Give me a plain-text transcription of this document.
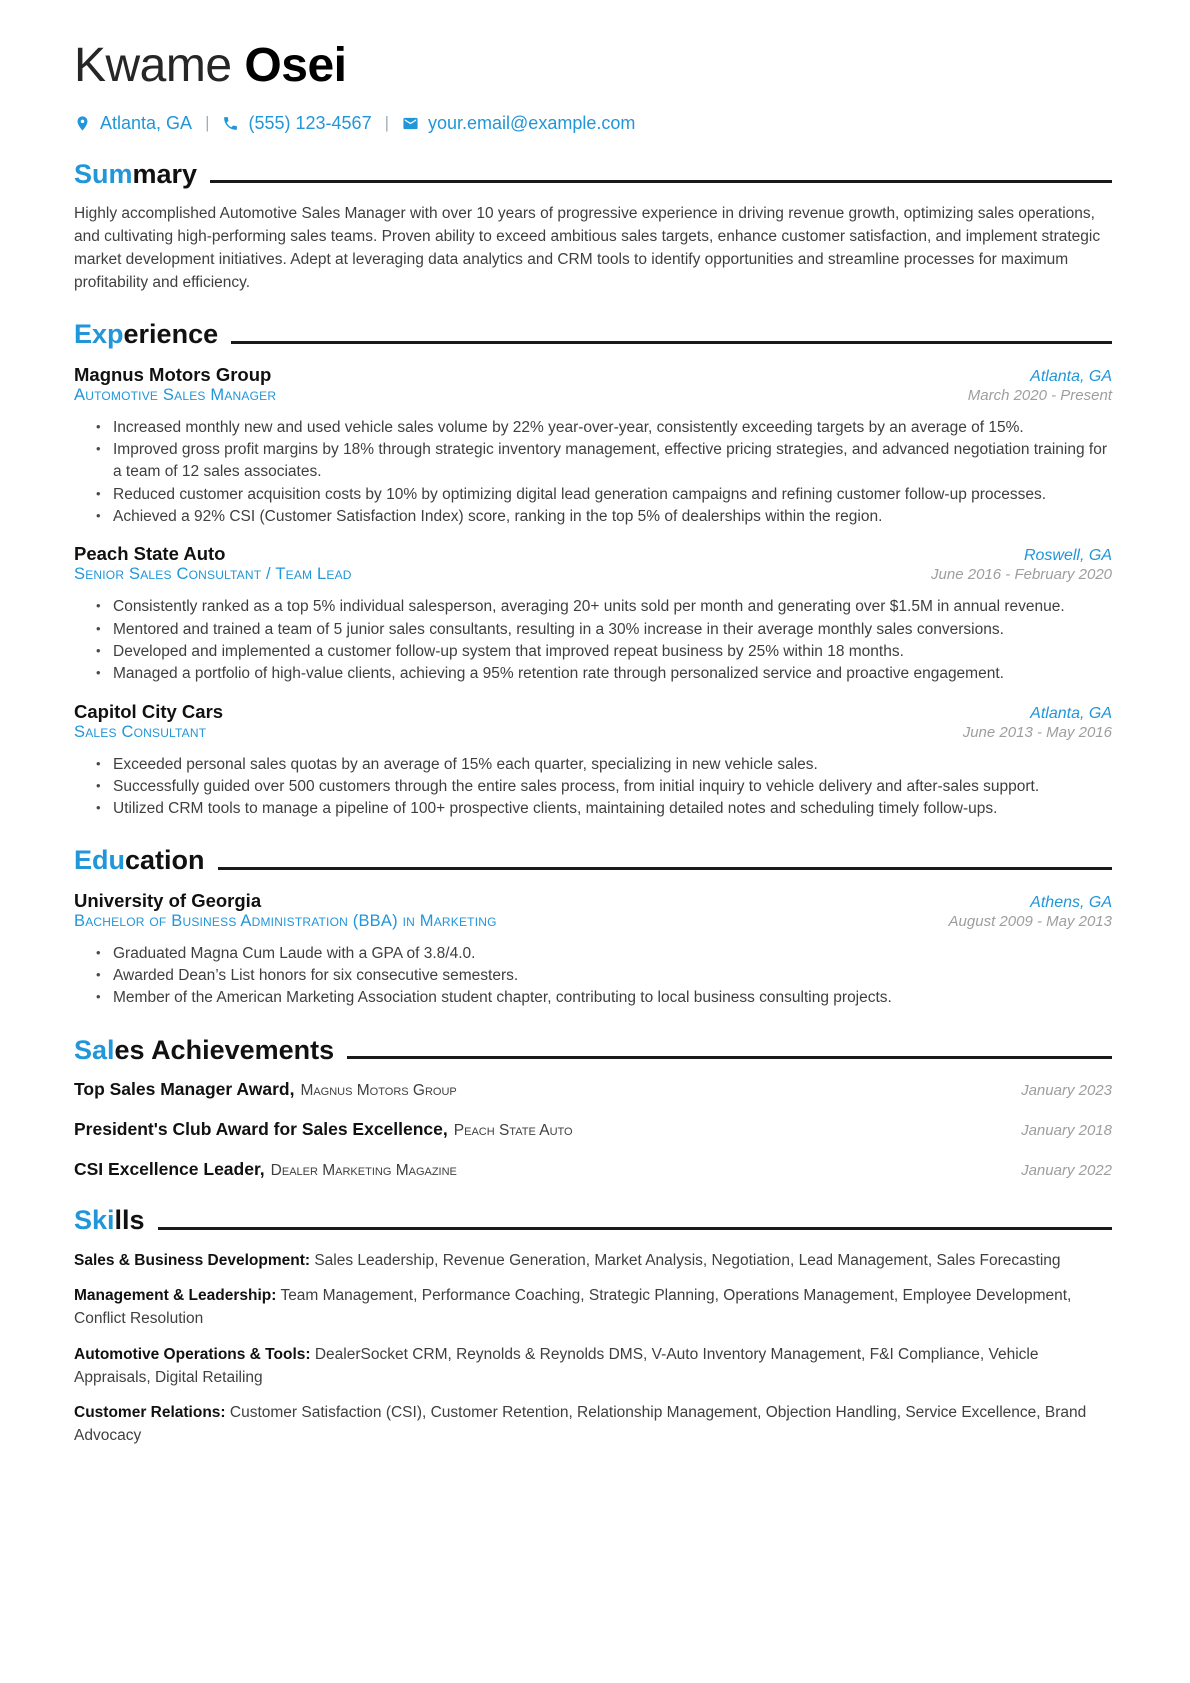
Kwame Osei
Atlanta, GA | (555) 123-4567 | your.email@example.com
Sum mary

Highly accomplished Automotive Sales Manager with over 10 years of progressive experience in driving revenue growth, optimizing sales operations, and cultivating high-performing sales teams. Proven ability to exceed ambitious sales targets, enhance customer satisfaction, and implement strategic market development initiatives. Adept at leveraging data analytics and CRM tools to identify opportunities and streamline processes for maximum profitability and efficiency.

Exp erience
Magnus Motors Group	Atlanta, GA
Automotive Sales Manager	March 2020 - Present
• Increased monthly new and used vehicle sales volume by 22% year-over-year, consistently exceeding targets by an average of 15%.
• Improved gross profit margins by 18% through strategic inventory management, effective pricing strategies, and advanced negotiation training for a team of 12 sales associates.
• Reduced customer acquisition costs by 10% by optimizing digital lead generation campaigns and refining customer follow-up processes.
• Achieved a 92% CSI (Customer Satisfaction Index) score, ranking in the top 5% of dealerships within the region.
Peach State Auto	Roswell, GA
Senior Sales Consultant / Team Lead	June 2016 - February 2020
• Consistently ranked as a top 5% individual salesperson, averaging 20+ units sold per month and generating over $1.5M in annual revenue.
• Mentored and trained a team of 5 junior sales consultants, resulting in a 30% increase in their average monthly sales conversions.
• Developed and implemented a customer follow-up system that improved repeat business by 25% within 18 months.
• Managed a portfolio of high-value clients, achieving a 95% retention rate through personalized service and proactive engagement.
Capitol City Cars	Atlanta, GA
Sales Consultant	June 2013 - May 2016
• Exceeded personal sales quotas by an average of 15% each quarter, specializing in new vehicle sales.
• Successfully guided over 500 customers through the entire sales process, from initial inquiry to vehicle delivery and after-sales support.
• Utilized CRM tools to manage a pipeline of 100+ prospective clients, maintaining detailed notes and scheduling timely follow-ups.
Edu cation
University of Georgia	Athens, GA
Bachelor of Business Administration (BBA) in Marketing	August 2009 - May 2013
• Graduated Magna Cum Laude with a GPA of 3.8/4.0.
• Awarded Dean’s List honors for six consecutive semesters.
• Member of the American Marketing Association student chapter, contributing to local business consulting projects.
Sal es Achievements
Top Sales Manager Award, Magnus Motors Group	January 2023
President's Club Award for Sales Excellence, Peach State Auto	January 2018
CSI Excellence Leader, Dealer Marketing Magazine	January 2022
Ski lls

Sales & Business Development: Sales Leadership, Revenue Generation, Market Analysis, Negotiation, Lead Management, Sales Forecasting

Management & Leadership: Team Management, Performance Coaching, Strategic Planning, Operations Management, Employee Development, Conflict Resolution

Automotive Operations & Tools: DealerSocket CRM, Reynolds & Reynolds DMS, V-Auto Inventory Management, F&I Compliance, Vehicle Appraisals, Digital Retailing

Customer Relations: Customer Satisfaction (CSI), Customer Retention, Relationship Management, Objection Handling, Service Excellence, Brand Advocacy
